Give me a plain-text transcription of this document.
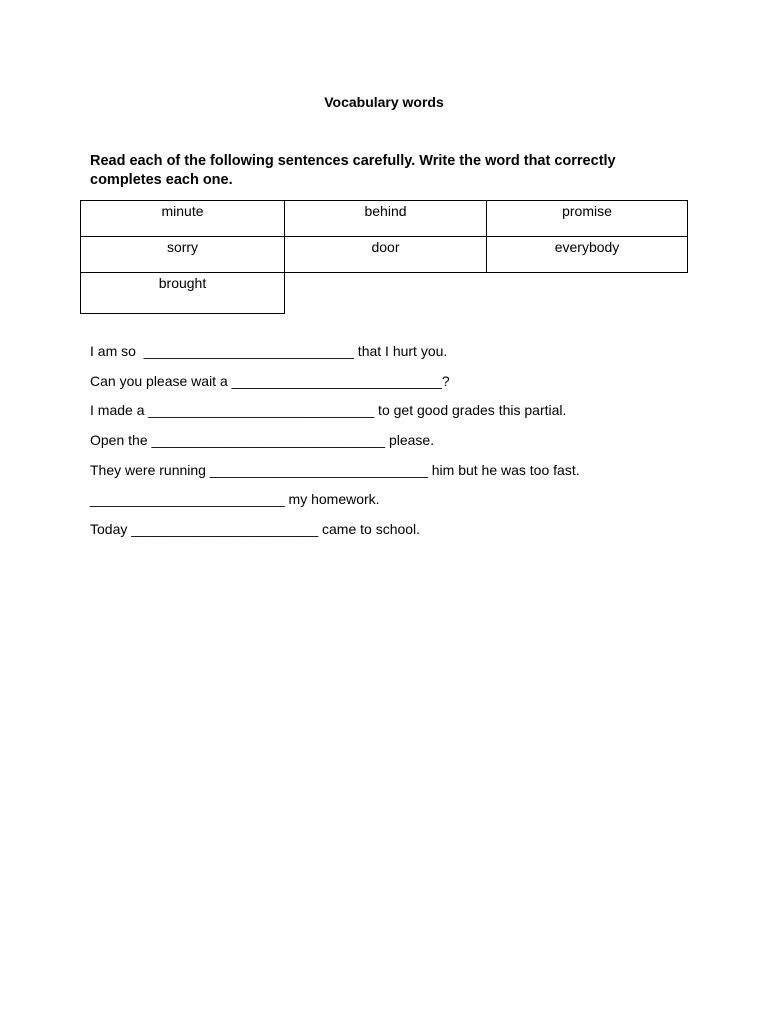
Vocabulary words
Read each of the following sentences carefully. Write the word that correctly completes each one.
minute	behind	promise
sorry	door	everybody
brought
I am so  ___________________________ that I hurt you.
Can you please wait a ___________________________?
I made a _____________________________ to get good grades this partial.
Open the ______________________________ please.
They were running ____________________________ him but he was too fast.
_________________________ my homework.
Today ________________________ came to school.
